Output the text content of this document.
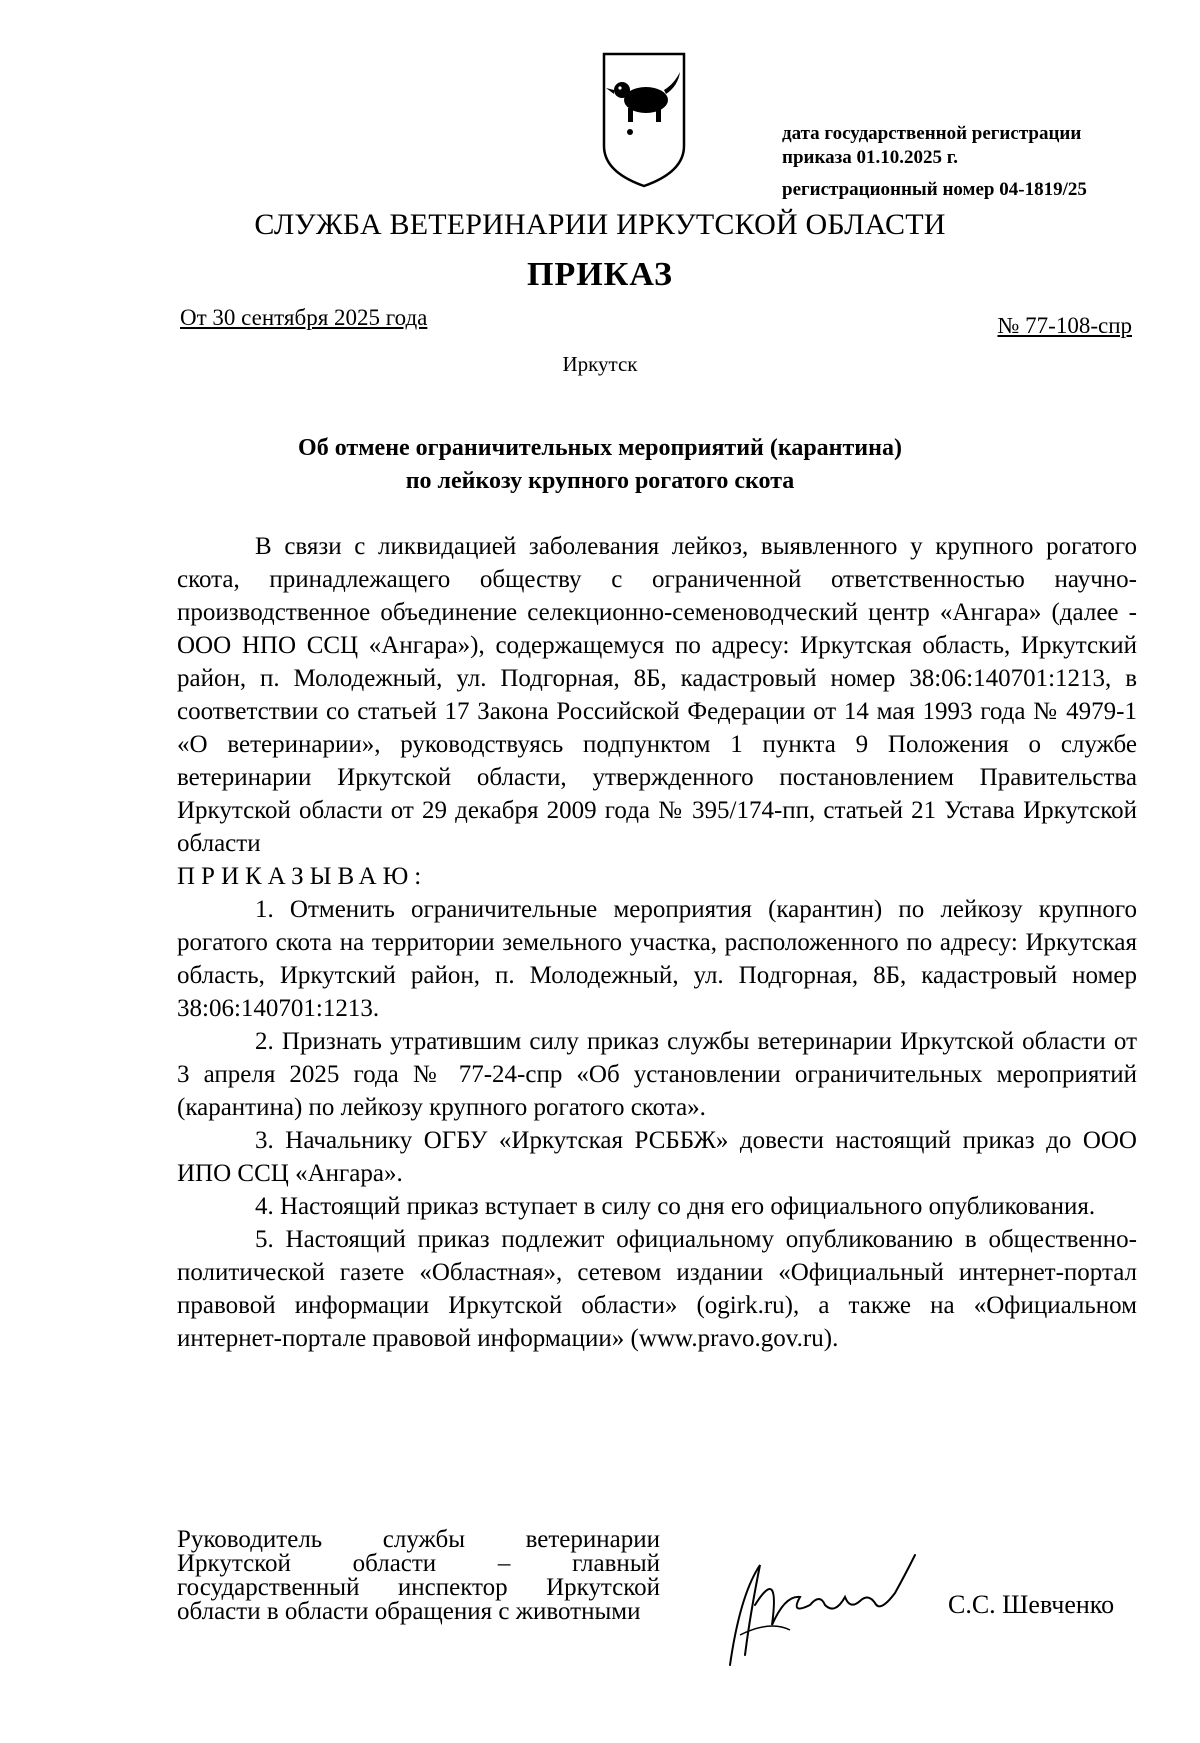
дата государственной регистрации
приказа 01.10.2025 г.
регистрационный номер 04-1819/25
СЛУЖБА ВЕТЕРИНАРИИ ИРКУТСКОЙ ОБЛАСТИ
ПРИКАЗ
От 30 сентября 2025 года	№ 77-108-спр
Иркутск
Об отмене ограничительных мероприятий (карантина)
по лейкозу крупного рогатого скота

В связи с ликвидацией заболевания лейкоз, выявленного у крупного рогатого скота, принадлежащего обществу с ограниченной ответственностью научно-производственное объединение селекционно-семеноводческий центр «Ангара» (далее - ООО НПО ССЦ «Ангара»), содержащемуся по адресу: Иркутская область, Иркутский район, п. Молодежный, ул. Подгорная, 8Б, кадастровый номер 38:06:140701:1213, в соответствии со статьей 17 Закона Российской Федерации от 14 мая 1993 года № 4979-1 «О ветеринарии», руководствуясь подпунктом 1 пункта 9 Положения о службе ветеринарии Иркутской области, утвержденного постановлением Правительства Иркутской области от 29 декабря 2009 года № 395/174-пп, статьей 21 Устава Иркутской области

ПРИКАЗЫВАЮ:

1. Отменить ограничительные мероприятия (карантин) по лейкозу крупного рогатого скота на территории земельного участка, расположенного по адресу: Иркутская область, Иркутский район, п. Молодежный, ул. Подгорная, 8Б, кадастровый номер 38:06:140701:1213.

2. Признать утратившим силу приказ службы ветеринарии Иркутской области от 3 апреля 2025 года № 77-24-спр «Об установлении ограничительных мероприятий (карантина) по лейкозу крупного рогатого скота».

3. Начальнику ОГБУ «Иркутская РСББЖ» довести настоящий приказ до ООО ИПО ССЦ «Ангара».

4. Настоящий приказ вступает в силу со дня его официального опубликования.

5. Настоящий приказ подлежит официальному опубликованию в общественно-политической газете «Областная», сетевом издании «Официальный интернет-портал правовой информации Иркутской области» (ogirk.ru), а также на «Официальном интернет-портале правовой информации» (www.pravo.gov.ru).

Руководитель службы ветеринарии Иркутской области – главный государственный инспектор Иркутской области в области обращения с животными	С.С. Шевченко
